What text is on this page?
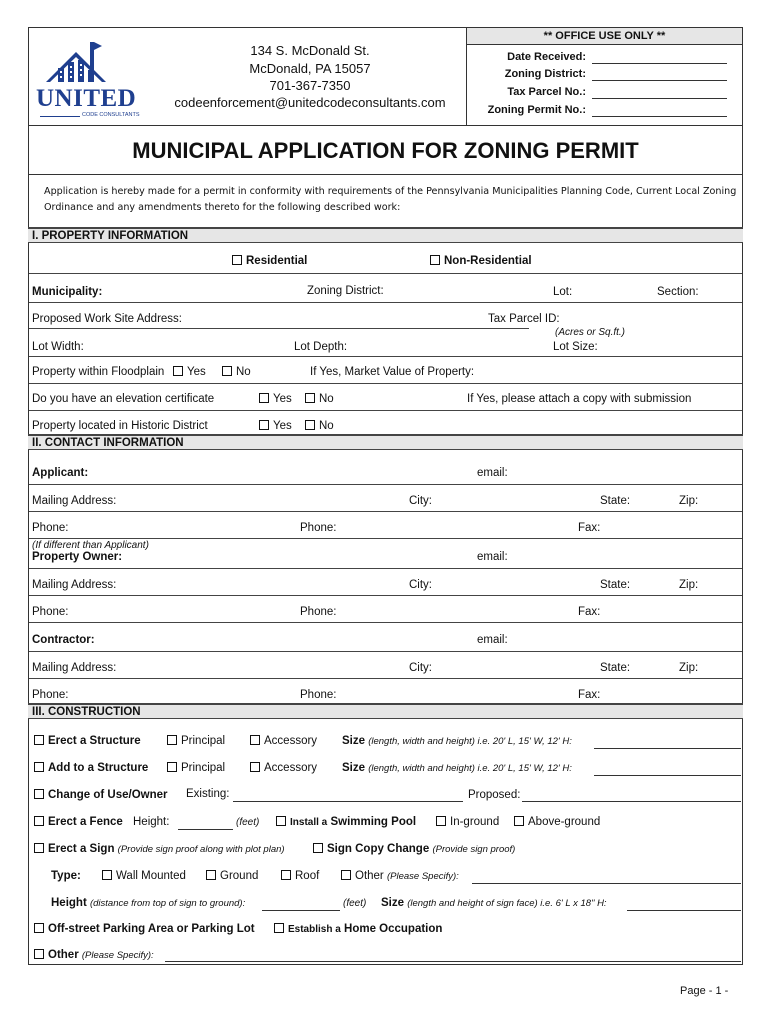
** OFFICE USE ONLY **
UNITED
CODE CONSULTANTS
134 S. McDonald St.
McDonald, PA 15057
701-367-7350
codeenforcement@unitedcodeconsultants.com
Date Received:
Zoning District:
Tax Parcel No.:
Zoning Permit No.:
MUNICIPAL APPLICATION FOR ZONING PERMIT
Application is hereby made for a permit in conformity with requirements of the Pennsylvania Municipalities Planning Code, Current Local Zoning
Ordinance and any amendments thereto for the following described work:
I. PROPERTY INFORMATION
Residential	Non-Residential
Municipality:	Zoning District:	Lot:	Section:
Proposed Work Site Address:	Tax Parcel ID:
(Acres or Sq.ft.)
Lot Width:	Lot Depth:	Lot Size:
Property within Floodplain	Yes	No	If Yes, Market Value of Property:
Do you have an elevation certificate	Yes	No	If Yes, please attach a copy with submission
Property located in Historic District	Yes	No
II. CONTACT INFORMATION
Applicant:	email:
Mailing Address:	City:	State:	Zip:
Phone:	Phone:	Fax:
(If different than Applicant)
Property Owner:	email:
Mailing Address:	City:	State:	Zip:
Phone:	Phone:	Fax:
Contractor:	email:
Mailing Address:	City:	State:	Zip:
Phone:	Phone:	Fax:
III. CONSTRUCTION
Erect a Structure	Principal	Accessory Size (length, width and height) i.e. 20' L, 15' W, 12' H:
Add to a Structure	Principal	Accessory Size (length, width and height) i.e. 20' L, 15' W, 12' H:
Change of Use/Owner Existing:	Proposed:
Erect a Fence Height:	(feet)	Install a Swimming Pool	In-ground	Above-ground
Erect a Sign (Provide sign proof along with plot plan)	Sign Copy Change (Provide sign proof)
Type:	Wall Mounted	Ground	Roof	Other (Please Specify):
Height (distance from top of sign to ground):	(feet) Size (length and height of sign face) i.e. 6' L x 18" H:
Off-street Parking Area or Parking Lot	Establish a Home Occupation
Other (Please Specify):
Page - 1 -
